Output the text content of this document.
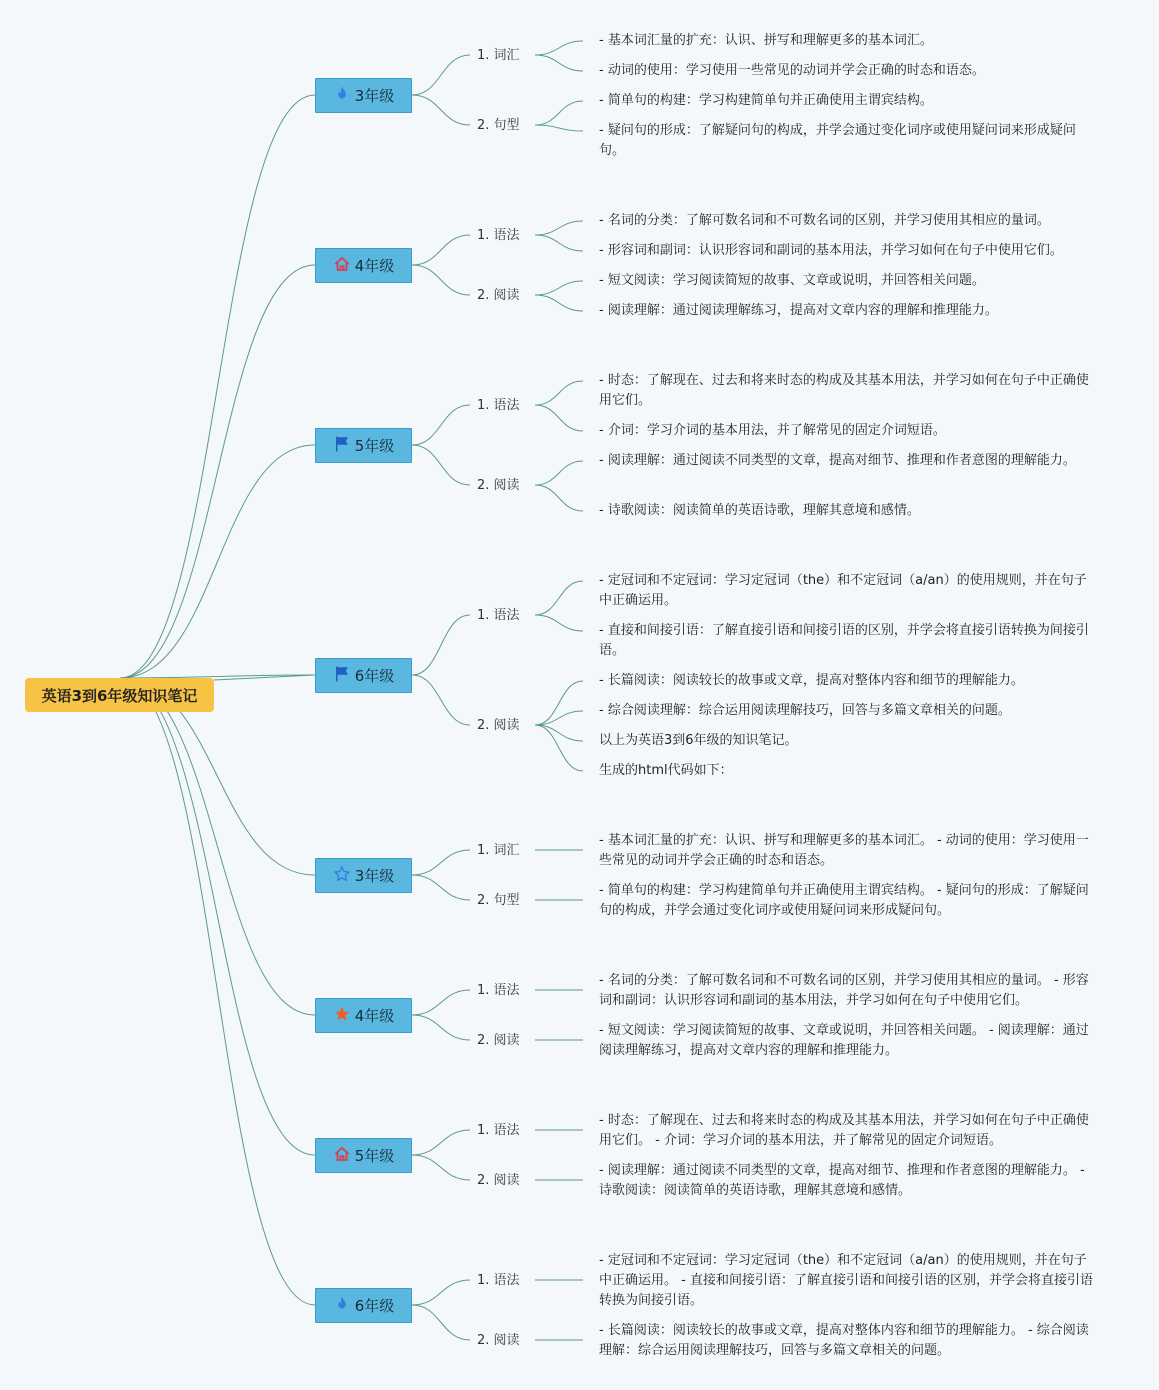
英语3到6年级知识笔记
3年级
4年级
5年级
6年级
3年级
4年级
5年级
6年级
1. 词汇
2. 句型
1. 语法
2. 阅读
1. 语法
2. 阅读
1. 语法
2. 阅读
1. 词汇
2. 句型
1. 语法
2. 阅读
1. 语法
2. 阅读
1. 语法
2. 阅读
- 基本词汇量的扩充：认识、拼写和理解更多的基本词汇。
- 动词的使用：学习使用一些常见的动词并学会正确的时态和语态。
- 简单句的构建：学习构建简单句并正确使用主谓宾结构。
- 疑问句的形成：了解疑问句的构成，并学会通过变化词序或使用疑问词来形成疑问句。
- 名词的分类：了解可数名词和不可数名词的区别，并学习使用其相应的量词。
- 形容词和副词：认识形容词和副词的基本用法，并学习如何在句子中使用它们。
- 短文阅读：学习阅读简短的故事、文章或说明，并回答相关问题。
- 阅读理解：通过阅读理解练习，提高对文章内容的理解和推理能力。
- 时态：了解现在、过去和将来时态的构成及其基本用法，并学习如何在句子中正确使用它们。
- 介词：学习介词的基本用法，并了解常见的固定介词短语。
- 阅读理解：通过阅读不同类型的文章，提高对细节、推理和作者意图的理解能力。
- 诗歌阅读：阅读简单的英语诗歌，理解其意境和感情。
- 定冠词和不定冠词：学习定冠词（the）和不定冠词（a/an）的使用规则，并在句子中正确运用。
- 直接和间接引语：了解直接引语和间接引语的区别，并学会将直接引语转换为间接引语。
- 长篇阅读：阅读较长的故事或文章，提高对整体内容和细节的理解能力。
- 综合阅读理解：综合运用阅读理解技巧，回答与多篇文章相关的问题。
以上为英语3到6年级的知识笔记。
生成的html代码如下：
- 基本词汇量的扩充：认识、拼写和理解更多的基本词汇。 - 动词的使用：学习使用一些常见的动词并学会正确的时态和语态。
- 简单句的构建：学习构建简单句并正确使用主谓宾结构。 - 疑问句的形成：了解疑问句的构成，并学会通过变化词序或使用疑问词来形成疑问句。
- 名词的分类：了解可数名词和不可数名词的区别，并学习使用其相应的量词。 - 形容词和副词：认识形容词和副词的基本用法，并学习如何在句子中使用它们。
- 短文阅读：学习阅读简短的故事、文章或说明，并回答相关问题。 - 阅读理解：通过阅读理解练习，提高对文章内容的理解和推理能力。
- 时态：了解现在、过去和将来时态的构成及其基本用法，并学习如何在句子中正确使用它们。 - 介词：学习介词的基本用法，并了解常见的固定介词短语。
- 阅读理解：通过阅读不同类型的文章，提高对细节、推理和作者意图的理解能力。 - 诗歌阅读：阅读简单的英语诗歌，理解其意境和感情。
- 定冠词和不定冠词：学习定冠词（the）和不定冠词（a/an）的使用规则，并在句子中正确运用。 - 直接和间接引语：了解直接引语和间接引语的区别，并学会将直接引语转换为间接引语。
- 长篇阅读：阅读较长的故事或文章，提高对整体内容和细节的理解能力。 - 综合阅读理解：综合运用阅读理解技巧，回答与多篇文章相关的问题。
